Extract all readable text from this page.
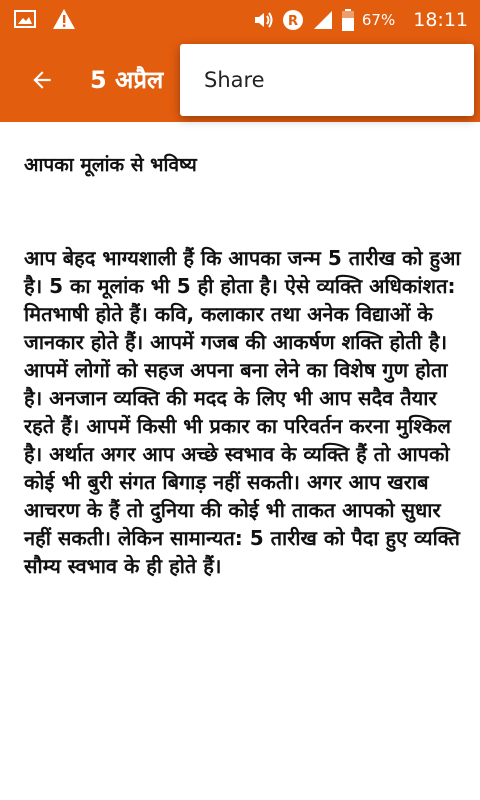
R	67% 18:11
5 अप्रैल Share
आपका मूलांक से भविष्य

आप बेहद भाग्यशाली हैं कि आपका जन्म 5 तारीख को हुआ है। 5 का मूलांक भी 5 ही होता है। ऐसे व्यक्ति अधिकांशत: मितभाषी होते हैं। कवि, कलाकार तथा अनेक विद्याओं के जानकार होते हैं। आपमें गजब की आकर्षण शक्ति होती है। आपमें लोगों को सहज अपना बना लेने का विशेष गुण होता है। अनजान व्यक्ति की मदद के लिए भी आप सदैव तैयार रहते हैं। आपमें किसी भी प्रकार का परिवर्तन करना मुश्किल है। अर्थात अगर आप अच्छे स्वभाव के व्यक्ति हैं तो आपको कोई भी बुरी संगत बिगाड़ नहीं सकती। अगर आप खराब आचरण के हैं तो दुनिया की कोई भी ताकत आपको सुधार नहीं सकती। लेकिन सामान्यत: 5 तारीख को पैदा हुए व्यक्ति सौम्य स्वभाव के ही होते हैं।
